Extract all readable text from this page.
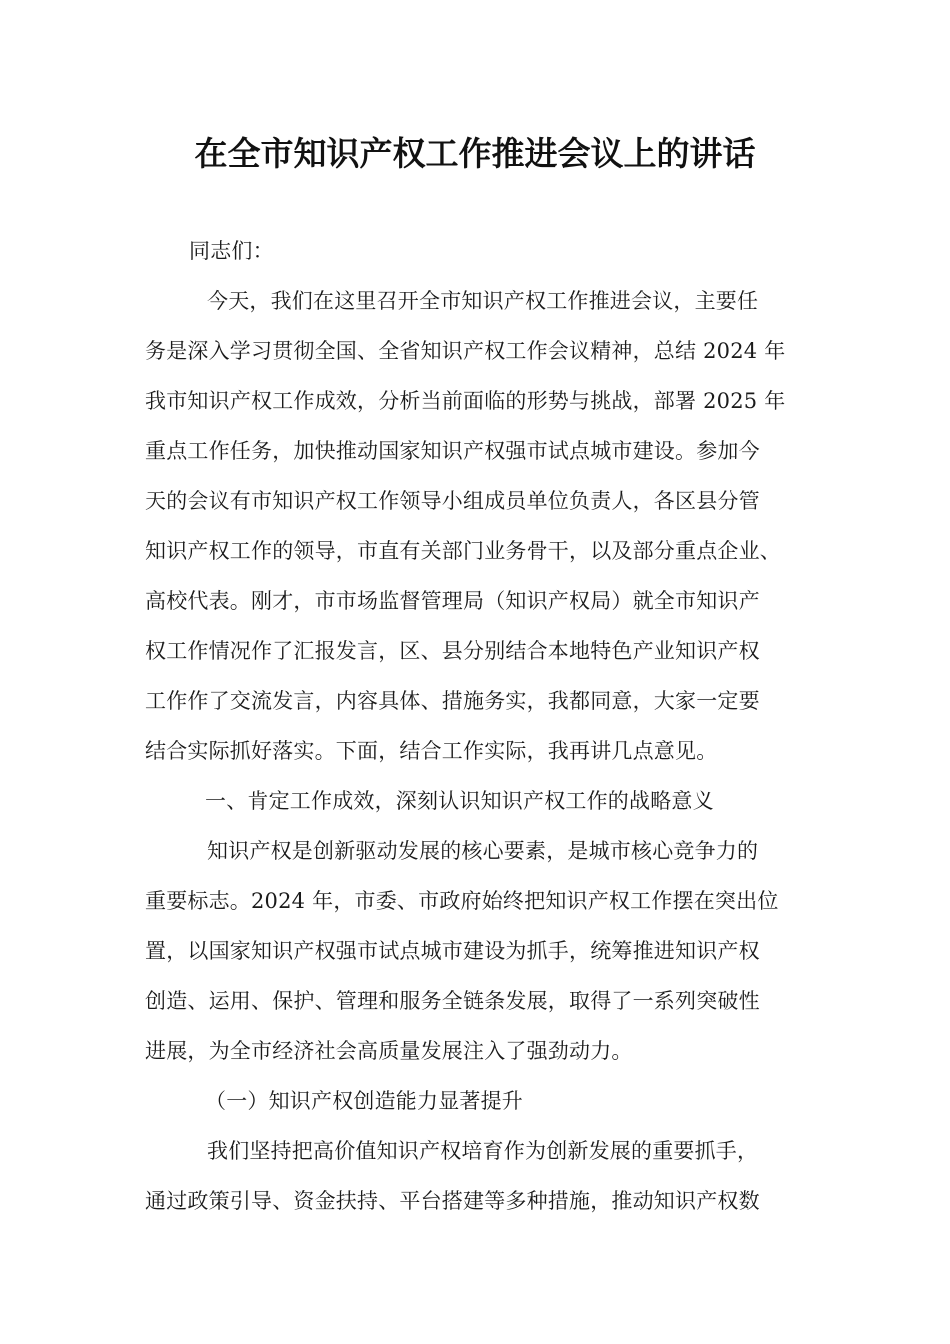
在全市知识产权工作推进会议上的讲话

同志们：

今天，我们在这里召开全市知识产权工作推进会议，主要任

务是深入学习贯彻全国、全省知识产权工作会议精神，总结 2024 年

我市知识产权工作成效，分析当前面临的形势与挑战，部署 2025 年

重点工作任务，加快推动国家知识产权强市试点城市建设。参加今

天的会议有市知识产权工作领导小组成员单位负责人，各区县分管

知识产权工作的领导，市直有关部门业务骨干，以及部分重点企业、

高校代表。刚才，市市场监督管理局（知识产权局）就全市知识产

权工作情况作了汇报发言，区、县分别结合本地特色产业知识产权

工作作了交流发言，内容具体、措施务实，我都同意，大家一定要

结合实际抓好落实。下面，结合工作实际，我再讲几点意见。

一、肯定工作成效，深刻认识知识产权工作的战略意义

知识产权是创新驱动发展的核心要素，是城市核心竞争力的

重要标志。2024 年，市委、市政府始终把知识产权工作摆在突出位

置，以国家知识产权强市试点城市建设为抓手，统筹推进知识产权

创造、运用、保护、管理和服务全链条发展，取得了一系列突破性

进展，为全市经济社会高质量发展注入了强劲动力。

（一）知识产权创造能力显著提升

我们坚持把高价值知识产权培育作为创新发展的重要抓手，

通过政策引导、资金扶持、平台搭建等多种措施，推动知识产权数
